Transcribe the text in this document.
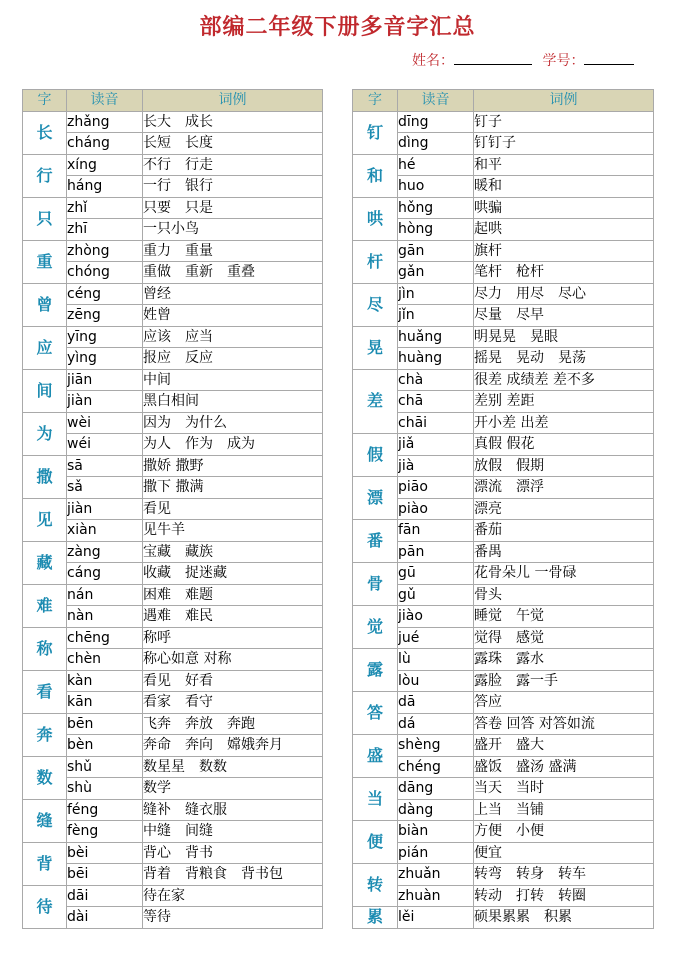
部编二年级下册多音字汇总
姓名：	学号：
字	读音	词例
长	zhǎng	长大　成长
	cháng	长短　长度
行	xíng	不行　行走
	háng	一行　银行
只	zhǐ	只要　只是
	zhī	一只小鸟
重	zhòng	重力　重量
	chóng	重做　重新　重叠
曾	céng	曾经
	zēng	姓曾
应	yīng	应该　应当
	yìng	报应　反应
间	jiān	中间
	jiàn	黑白相间
为	wèi	因为　为什么
	wéi	为人　作为　成为
撒	sā	撒娇 撒野
	sǎ	撒下 撒满
见	jiàn	看见
	xiàn	见牛羊
藏	zàng	宝藏　藏族
	cáng	收藏　捉迷藏
难	nán	困难　难题
	nàn	遇难　难民
称	chēng	称呼
	chèn	称心如意 对称
看	kàn	看见　好看
	kān	看家　看守
奔	bēn	飞奔　奔放　奔跑
	bèn	奔命　奔向　嫦娥奔月
数	shǔ	数星星　数数
	shù	数学
缝	féng	缝补　缝衣服
	fèng	中缝　间缝
背	bèi	背心　背书
	bēi	背着　背粮食　背书包
待	dāi	待在家
	dài	等待
字	读音	词例
钉	dīng	钉子
	dìng	钉钉子
和	hé	和平
	huo	暖和
哄	hǒng	哄骗
	hòng	起哄
杆	gān	旗杆
	gǎn	笔杆　枪杆
尽	jìn	尽力　用尽　尽心
	jǐn	尽量　尽早
晃	huǎng	明晃晃　晃眼
	huàng	摇晃　晃动　晃荡
差	chà	很差 成绩差 差不多
	chā	差别 差距
	chāi	开小差 出差
假	jiǎ	真假 假花
	jià	放假　假期
漂	piāo	漂流　漂浮
	piào	漂亮
番	fān	番茄
	pān	番禺
骨	gū	花骨朵儿 一骨碌
	gǔ	骨头
觉	jiào	睡觉　午觉
	jué	觉得　感觉
露	lù	露珠　露水
	lòu	露脸　露一手
答	dā	答应
	dá	答卷 回答 对答如流
盛	shèng	盛开　盛大
	chéng	盛饭　盛汤 盛满
当	dāng	当天　当时
	dàng	上当　当铺
便	biàn	方便　小便
	pián	便宜
转	zhuǎn	转弯　转身　转车
	zhuàn	转动　打转　转圈
累	lěi	硕果累累　积累
